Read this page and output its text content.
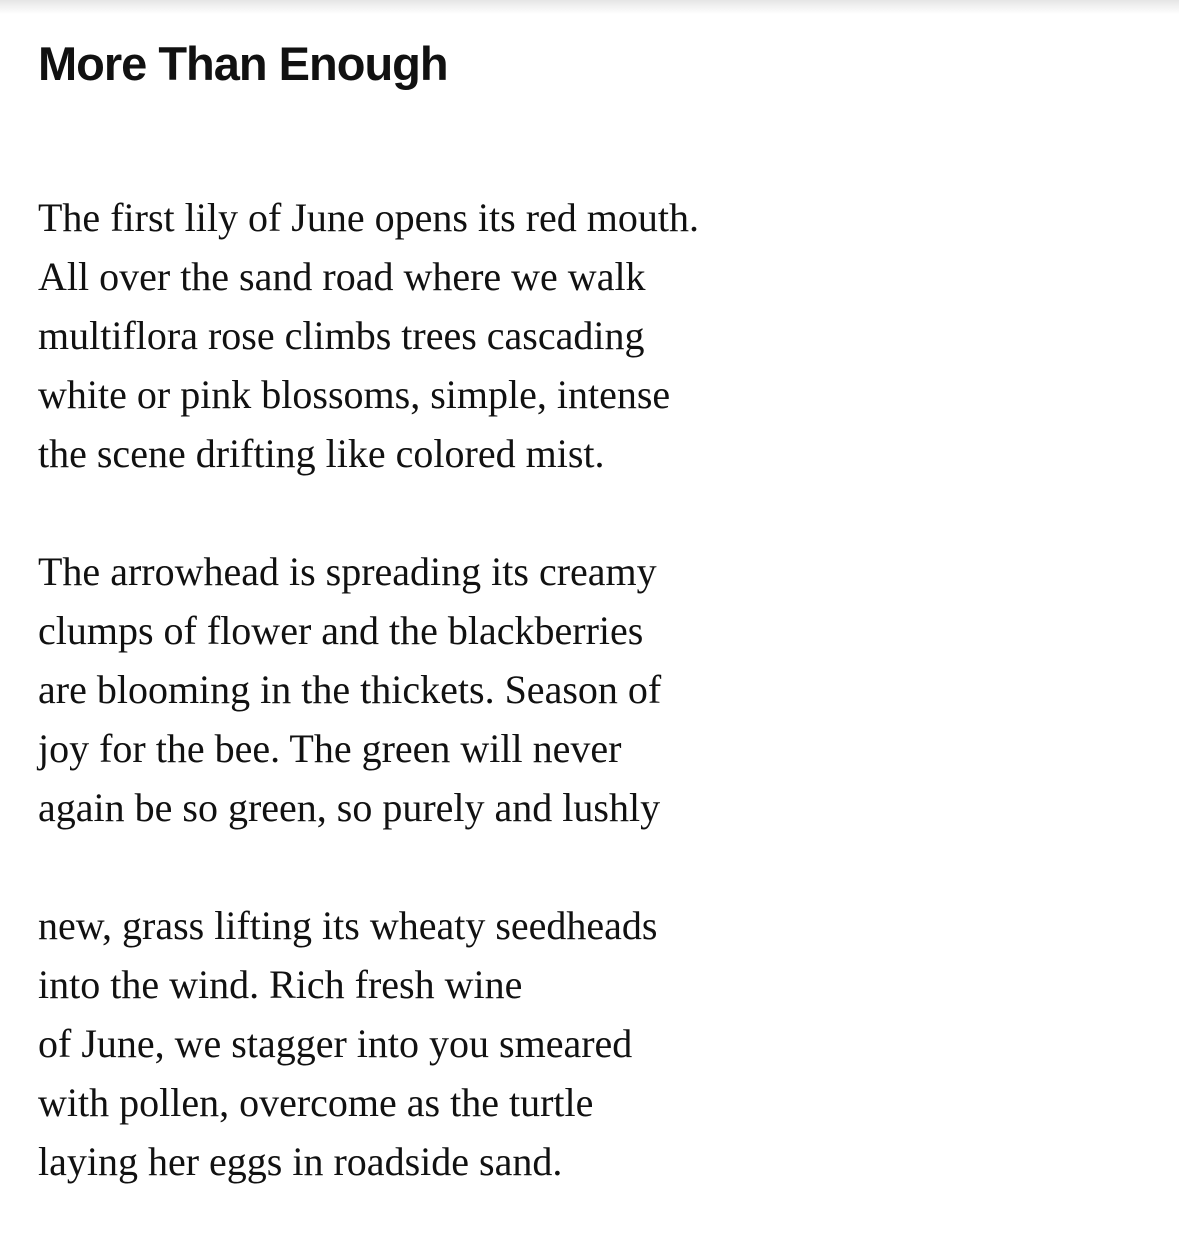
More Than Enough
The first lily of June opens its red mouth.
All over the sand road where we walk
multiflora rose climbs trees cascading
white or pink blossoms, simple, intense
the scene drifting like colored mist.
The arrowhead is spreading its creamy
clumps of flower and the blackberries
are blooming in the thickets. Season of
joy for the bee. The green will never
again be so green, so purely and lushly
new, grass lifting its wheaty seedheads
into the wind. Rich fresh wine
of June, we stagger into you smeared
with pollen, overcome as the turtle
laying her eggs in roadside sand.
